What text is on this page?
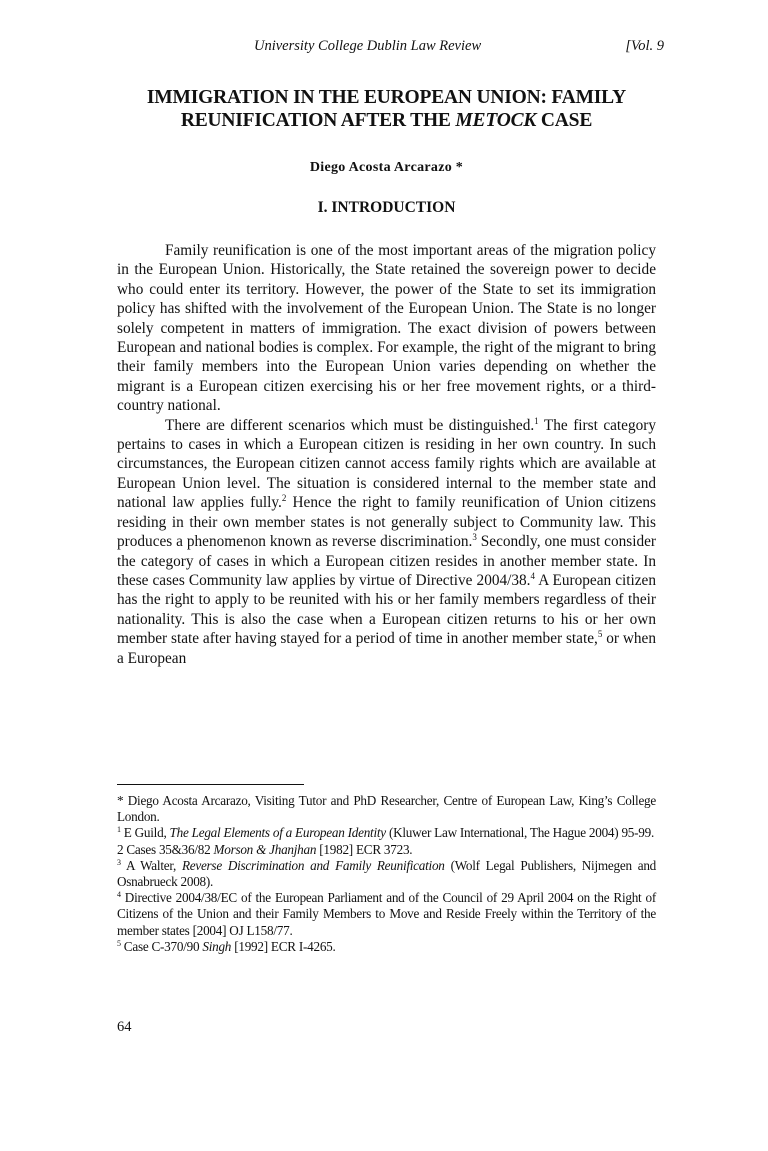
University College Dublin Law Review	[Vol. 9
IMMIGRATION IN THE EUROPEAN UNION: FAMILY
REUNIFICATION AFTER THE METOCK CASE
Diego Acosta Arcarazo *
I. INTRODUCTION

Family reunification is one of the most important areas of the migration policy in the European Union. Historically, the State retained the sovereign power to decide who could enter its territory. However, the power of the State to set its immigration policy has shifted with the involvement of the European Union. The State is no longer solely competent in matters of immigration. The exact division of powers between European and national bodies is complex. For example, the right of the migrant to bring their family members into the European Union varies depending on whether the migrant is a European citizen exercising his or her free movement rights, or a third-country national.

There are different scenarios which must be distinguished.$^1$ The first category pertains to cases in which a European citizen is residing in her own country. In such circumstances, the European citizen cannot access family rights which are available at European Union level. The situation is considered internal to the member state and national law applies fully.$^2$ Hence the right to family reunification of Union citizens residing in their own member states is not generally subject to Community law. This produces a phenomenon known as reverse discrimination.$^3$ Secondly, one must consider the category of cases in which a European citizen resides in another member state. In these cases Community law applies by virtue of Directive 2004/38.$^4$ A European citizen has the right to apply to be reunited with his or her family members regardless of their nationality. This is also the case when a European citizen returns to his or her own member state after having stayed for a period of time in another member state,$^5$ or when a European

* Diego Acosta Arcarazo, Visiting Tutor and PhD Researcher, Centre of European Law, King’s College London.

$^1$ E Guild, The Legal Elements of a European Identity (Kluwer Law International, The Hague 2004) 95-99.

2 Cases 35&36/82 Morson & Jhanjhan [1982] ECR 3723.

$^3$ A Walter, Reverse Discrimination and Family Reunification (Wolf Legal Publishers, Nijmegen and Osnabrueck 2008).

$^4$ Directive 2004/38/EC of the European Parliament and of the Council of 29 April 2004 on the Right of Citizens of the Union and their Family Members to Move and Reside Freely within the Territory of the member states [2004] OJ L158/77.

$^5$ Case C-370/90 Singh [1992] ECR I-4265.

64
